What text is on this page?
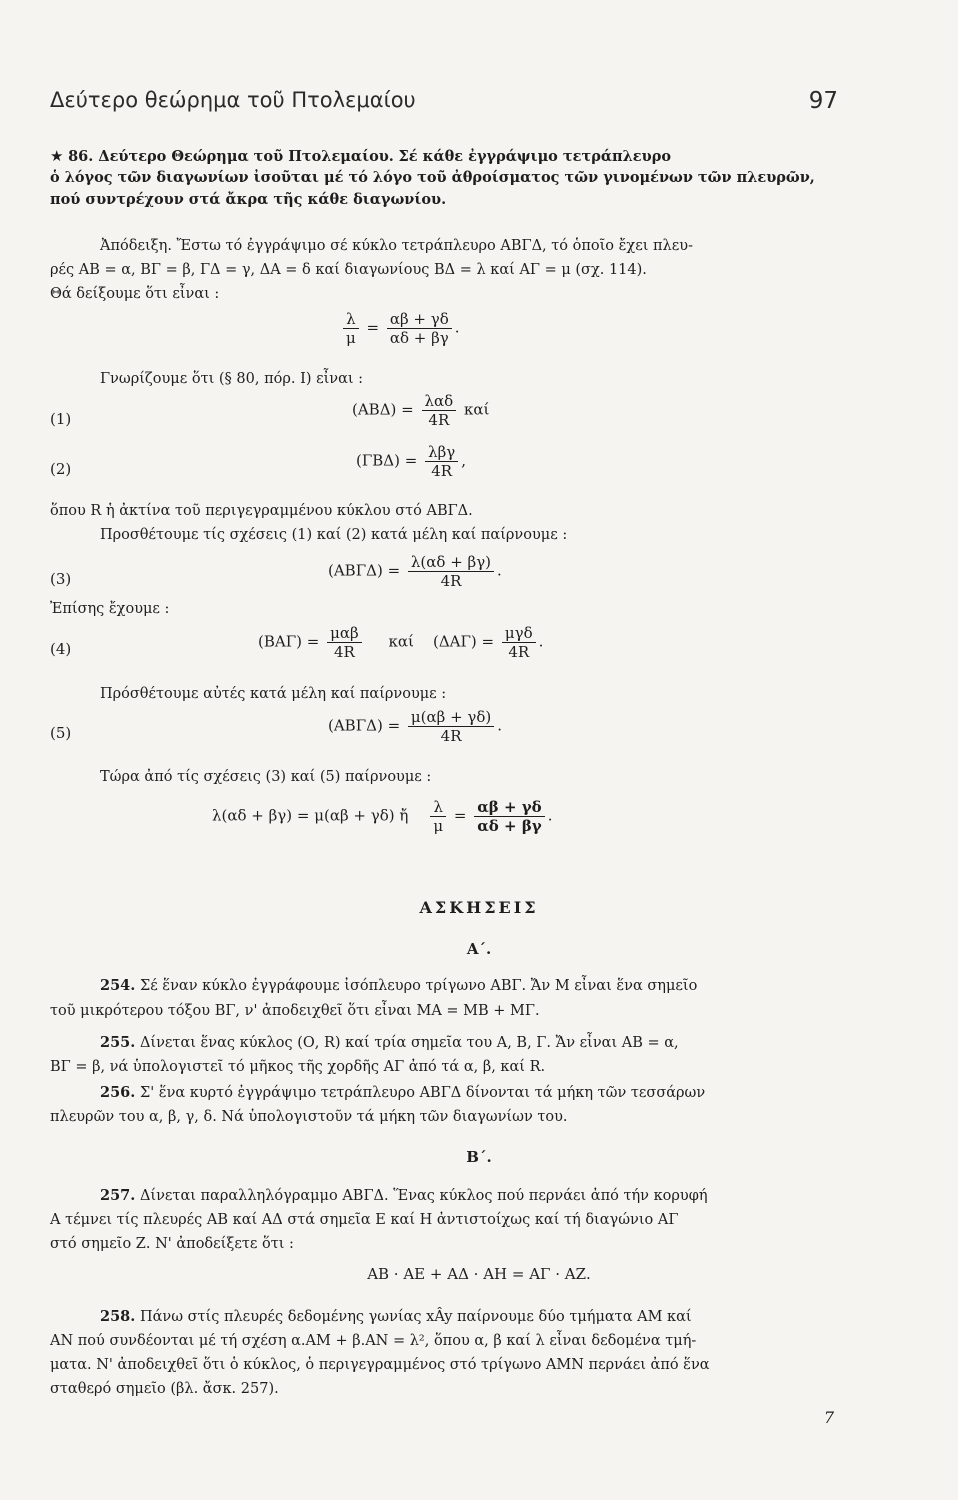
Δεύτερο θεώρημα τοῦ Πτολεμαίου	97
★ 86. Δεύτερο Θεώρημα τοῦ Πτολεμαίου. Σέ κάθε ἐγγράψιμο τετράπλευρο
ὁ λόγος τῶν διαγωνίων ἰσοῦται μέ τό λόγο τοῦ ἀθροίσματος τῶν γινομένων τῶν πλευρῶν,
πού συντρέχουν στά ἄκρα τῆς κάθε διαγωνίου.
Ἀπόδειξη. Ἔστω τό ἐγγράψιμο σέ κύκλο τετράπλευρο ΑΒΓΔ, τό ὁποῖο ἔχει πλευ-
ρές ΑΒ = α, ΒΓ = β, ΓΔ = γ, ΔΑ = δ καί διαγωνίους ΒΔ = λ καί ΑΓ = μ (σχ. 114).
Θά δείξουμε ὅτι εἶναι :
$\frac{\lambda}{\mu} = \frac{\alpha\beta + \gamma\delta}{\alpha\delta + \beta\gamma}$ .
Γνωρίζουμε ὅτι (§ 80, πόρ. Ι) εἶναι :
(1)
$(AB\Delta) = \frac{\text{λαδ}}{4R}$ καί
(2)	$(\Gamma B\Delta) = \frac{\text{λβγ}}{4R}$ ,
ὅπου R ἡ ἀκτίνα τοῦ περιγεγραμμένου κύκλου στό ΑΒΓΔ.
Προσθέτουμε τίς σχέσεις (1) καί (2) κατά μέλη καί παίρνουμε :
(3)	$(AB\Gamma\Delta) = \frac{\lambda(\alpha\delta + \beta\gamma)}{4R}$ .
Ἐπίσης ἔχουμε :
(4)	$(BA\Gamma) = \frac{\text{μαβ}}{4R}$ καί $(\Delta A\Gamma) = \frac{\text{μγδ}}{4R}$ .
Πρόσθέτουμε αὐτές κατά μέλη καί παίρνουμε :
(5)	$(AB\Gamma\Delta) = \frac{\mu(\alpha\beta + \gamma\delta)}{4R}$ .
Τώρα ἀπό τίς σχέσεις (3) καί (5) παίρνουμε :
λ(αδ + βγ) = μ(αβ + γδ) ἤ $\frac{\lambda}{\mu} = \frac{\alpha\beta + \gamma\delta}{\alpha\delta + \beta\gamma}$ .
ΑΣΚΗΣΕΙΣ
Α΄.
254. Σέ ἕναν κύκλο ἐγγράφουμε ἰσόπλευρο τρίγωνο ΑΒΓ. Ἄν Μ εἶναι ἕνα σημεῖο
τοῦ μικρότερου τόξου ΒΓ, ν' ἀποδειχθεῖ ὅτι εἶναι ΜΑ = ΜΒ + ΜΓ.
255. Δίνεται ἕνας κύκλος (Ο, R) καί τρία σημεῖα του Α, Β, Γ. Ἄν εἶναι ΑΒ = α,
ΒΓ = β, νά ὑπολογιστεῖ τό μῆκος τῆς χορδῆς ΑΓ ἀπό τά α, β, καί R.
256. Σ' ἕνα κυρτό ἐγγράψιμο τετράπλευρο ΑΒΓΔ δίνονται τά μήκη τῶν τεσσάρων
πλευρῶν του α, β, γ, δ. Νά ὑπολογιστοῦν τά μήκη τῶν διαγωνίων του.
Β΄.
257. Δίνεται παραλληλόγραμμο ΑΒΓΔ. Ἕνας κύκλος πού περνάει ἀπό τήν κορυφή
Α τέμνει τίς πλευρές ΑΒ καί ΑΔ στά σημεῖα Ε καί Η ἀντιστοίχως καί τή διαγώνιο ΑΓ
στό σημεῖο Ζ. Ν' ἀποδείξετε ὅτι :
ΑΒ · ΑΕ + ΑΔ · ΑΗ = ΑΓ · ΑΖ.
258. Πάνω στίς πλευρές δεδομένης γωνίας xÂy παίρνουμε δύο τμήματα ΑΜ καί
ΑΝ πού συνδέονται μέ τή σχέση α.ΑΜ + β.ΑΝ = λ², ὅπου α, β καί λ εἶναι δεδομένα τμή-
ματα. Ν' ἀποδειχθεῖ ὅτι ὁ κύκλος, ὁ περιγεγραμμένος στό τρίγωνο ΑΜΝ περνάει ἀπό ἕνα
σταθερό σημεῖο (βλ. ἄσκ. 257).
7
